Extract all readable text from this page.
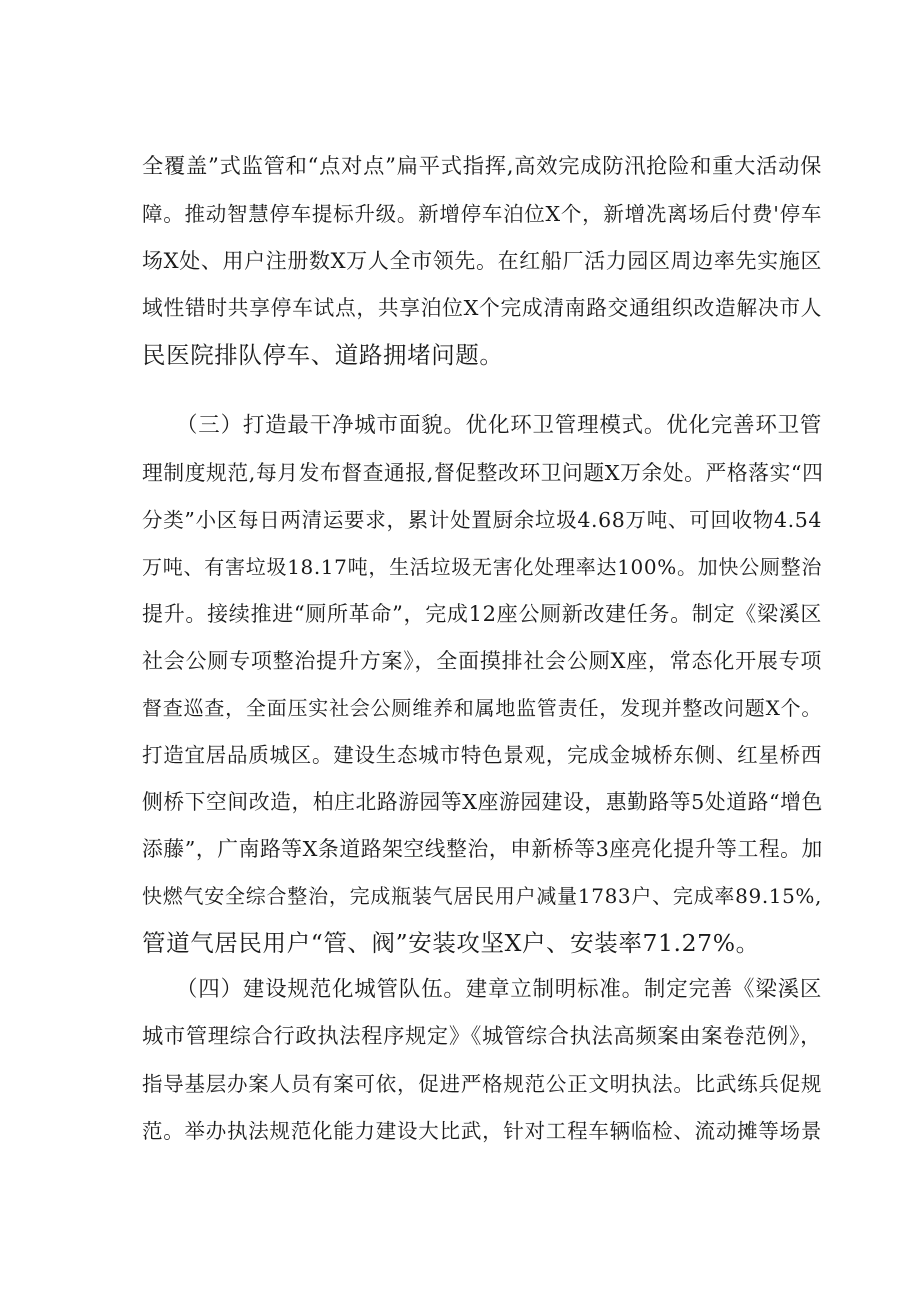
全覆盖”式监管和“点对点”扁平式指挥,高效完成防汛抢险和重大活动保
障。推动智慧停车提标升级。新增停车泊位X个，新增冼离场后付费'停车
场X处、用户注册数X万人全市领先。在红船厂活力园区周边率先实施区
域性错时共享停车试点，共享泊位X个完成清南路交通组织改造解决市人
民医院排队停车、道路拥堵问题。
（三）打造最干净城市面貌。优化环卫管理模式。优化完善环卫管
理制度规范,每月发布督查通报,督促整改环卫问题X万余处。严格落实“四
分类”小区每日两清运要求，累计处置厨余垃圾4.68万吨、可回收物4.54
万吨、有害垃圾18.17吨，生活垃圾无害化处理率达100%。加快公厕整治
提升。接续推进“厕所革命”，完成12座公厕新改建任务。制定《梁溪区
社会公厕专项整治提升方案》，全面摸排社会公厕X座，常态化开展专项
督查巡查，全面压实社会公厕维养和属地监管责任，发现并整改问题X个。
打造宜居品质城区。建设生态城市特色景观，完成金城桥东侧、红星桥西
侧桥下空间改造，柏庄北路游园等X座游园建设，惠勤路等5处道路“增色
添藤”，广南路等X条道路架空线整治，申新桥等3座亮化提升等工程。加
快燃气安全综合整治，完成瓶装气居民用户减量1783户、完成率89.15%,
管道气居民用户“管、阀”安装攻坚X户、安装率71.27%。
（四）建设规范化城管队伍。建章立制明标准。制定完善《梁溪区
城市管理综合行政执法程序规定》《城管综合执法高频案由案卷范例》，
指导基层办案人员有案可依，促进严格规范公正文明执法。比武练兵促规
范。举办执法规范化能力建设大比武，针对工程车辆临检、流动摊等场景
